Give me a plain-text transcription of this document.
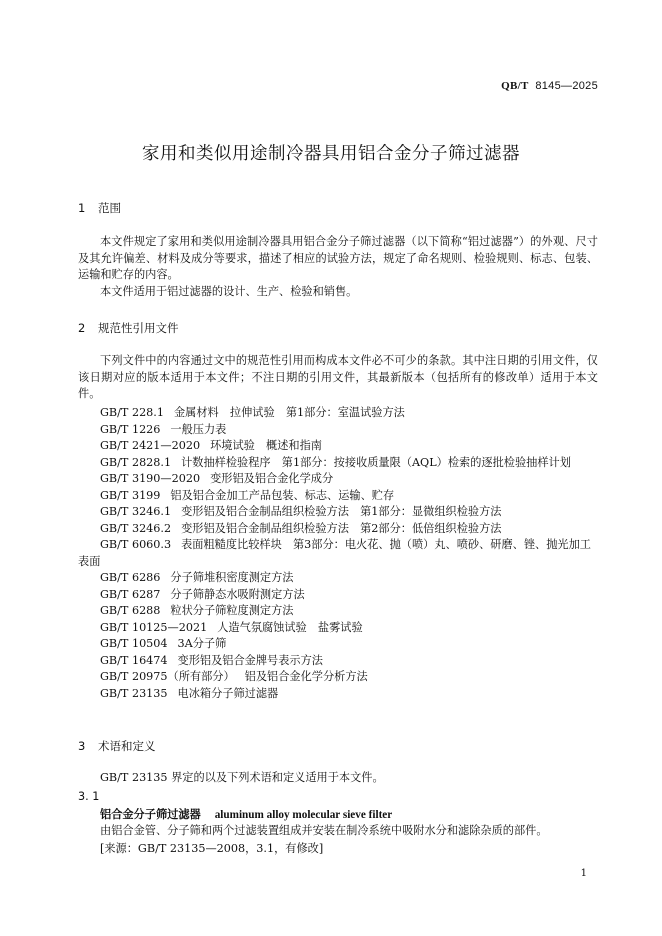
QB/T 8145—2025
家用和类似用途制冷器具用铝合金分子筛过滤器
1 范围
本文件规定了家用和类似用途制冷器具用铝合金分子筛过滤器（以下简称“铝过滤器”）的外观、尺寸及其允许偏差、材料及成分等要求，描述了相应的试验方法，规定了命名规则、检验规则、标志、包装、运输和贮存的内容。
本文件适用于铝过滤器的设计、生产、检验和销售。
2 规范性引用文件
下列文件中的内容通过文中的规范性引用而构成本文件必不可少的条款。其中注日期的引用文件，仅该日期对应的版本适用于本文件；不注日期的引用文件，其最新版本（包括所有的修改单）适用于本文件。
GB/T 228.1 金属材料　拉伸试验　第1部分：室温试验方法
GB/T 1226 一般压力表
GB/T 2421—2020 环境试验　概述和指南
GB/T 2828.1 计数抽样检验程序　第1部分：按接收质量限（AQL）检索的逐批检验抽样计划
GB/T 3190—2020 变形铝及铝合金化学成分
GB/T 3199 铝及铝合金加工产品包装、标志、运输、贮存
GB/T 3246.1 变形铝及铝合金制品组织检验方法　第1部分：显微组织检验方法
GB/T 3246.2 变形铝及铝合金制品组织检验方法　第2部分：低倍组织检验方法
GB/T 6060.3 表面粗糙度比较样块　第3部分：电火花、抛（喷）丸、喷砂、研磨、锉、抛光加工表面
GB/T 6286 分子筛堆积密度测定方法
GB/T 6287 分子筛静态水吸附测定方法
GB/T 6288 粒状分子筛粒度测定方法
GB/T 10125—2021 人造气氛腐蚀试验　盐雾试验
GB/T 10504 3A分子筛
GB/T 16474 变形铝及铝合金牌号表示方法
GB/T 20975（所有部分） 铝及铝合金化学分析方法
GB/T 23135 电冰箱分子筛过滤器
3 术语和定义
GB/T 23135 界定的以及下列术语和定义适用于本文件。
3. 1
铝合金分子筛过滤器 aluminum alloy molecular sieve filter
由铝合金管、分子筛和两个过滤装置组成并安装在制冷系统中吸附水分和滤除杂质的部件。
[来源：GB/T 23135—2008，3.1，有修改]
1
